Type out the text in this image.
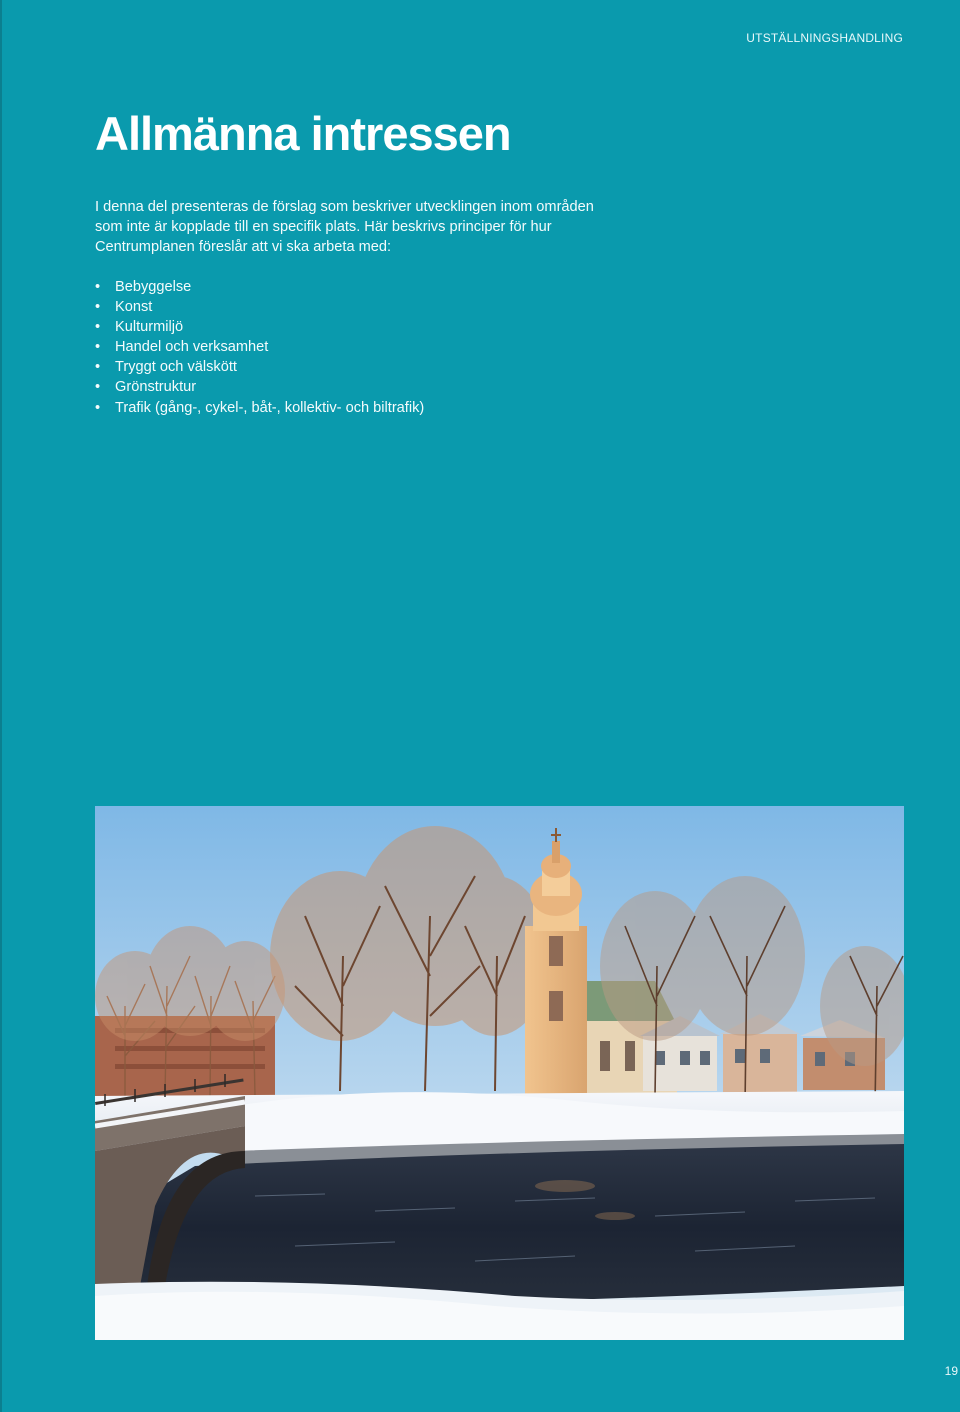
UTSTÄLLNINGSHANDLING
Allmänna intressen

I denna del presenteras de förslag som beskriver utvecklingen inom områden som inte är kopplade till en specifik plats. Här beskrivs principer för hur Centrumplanen föreslår att vi ska arbeta med:

• Bebyggelse
• Konst
• Kulturmiljö
• Handel och verksamhet
• Tryggt och välskött
• Grönstruktur
• Trafik (gång-, cykel-, båt-, kollektiv- och biltrafik)
19
